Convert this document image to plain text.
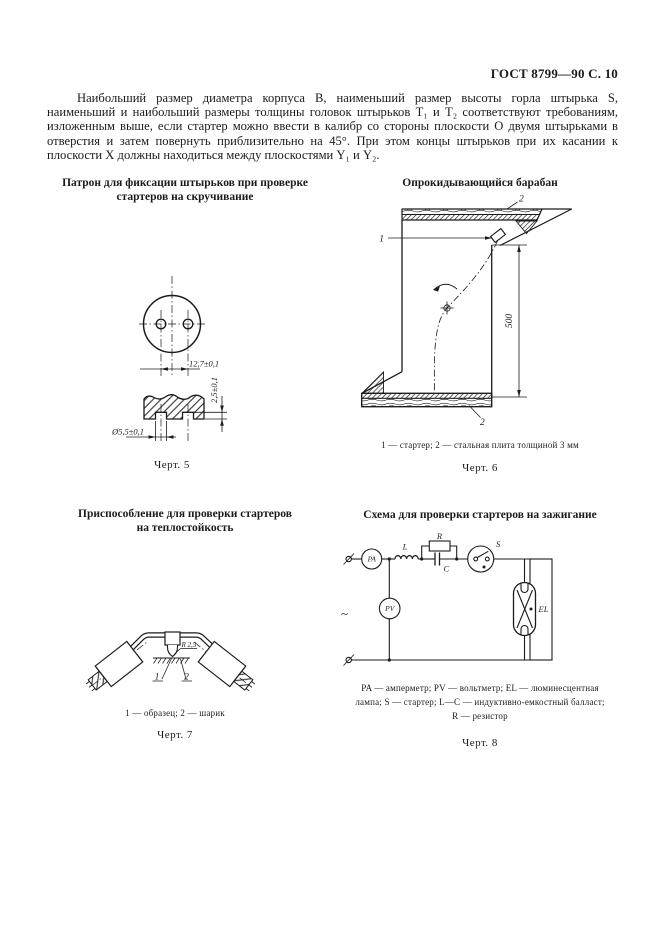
ГОСТ 8799—90 С. 10
Наибольший размер диаметра корпуса В, наименьший размер высоты горла штырька S, наименьший и наибольший размеры толщины головок штырьков Т₁ и Т₂ соответствуют требованиям, изложенным выше, если стартер можно ввести в калибр со стороны плоскости О двумя штырьками в отверстия и затем повернуть приблизительно на 45°. При этом концы штырьков при их касании к плоскости X должны находиться между плоскостями Y₁ и Y₂.
Патрон для фиксации штырьков при проверке
стартеров на скручивание
12,7±0,1
Ø5,5±0,1
2,5±0,1
Черт. 5
Опрокидывающийся барабан
1
2
2
500
1 — стартер; 2 — стальная плита толщиной 3 мм
Черт. 6
Приспособление для проверки стартеров
на теплостойкость
R 2,5
1	2
1 — образец; 2 — шарик
Черт. 7
Схема для проверки стартеров на зажигание
PA
PV
L
R
C
S
EL
~
PA — амперметр; PV — вольтметр; EL — люминесцентная
лампа; S — стартер; L—C — индуктивно-емкостный балласт;
R — резистор
Черт. 8
